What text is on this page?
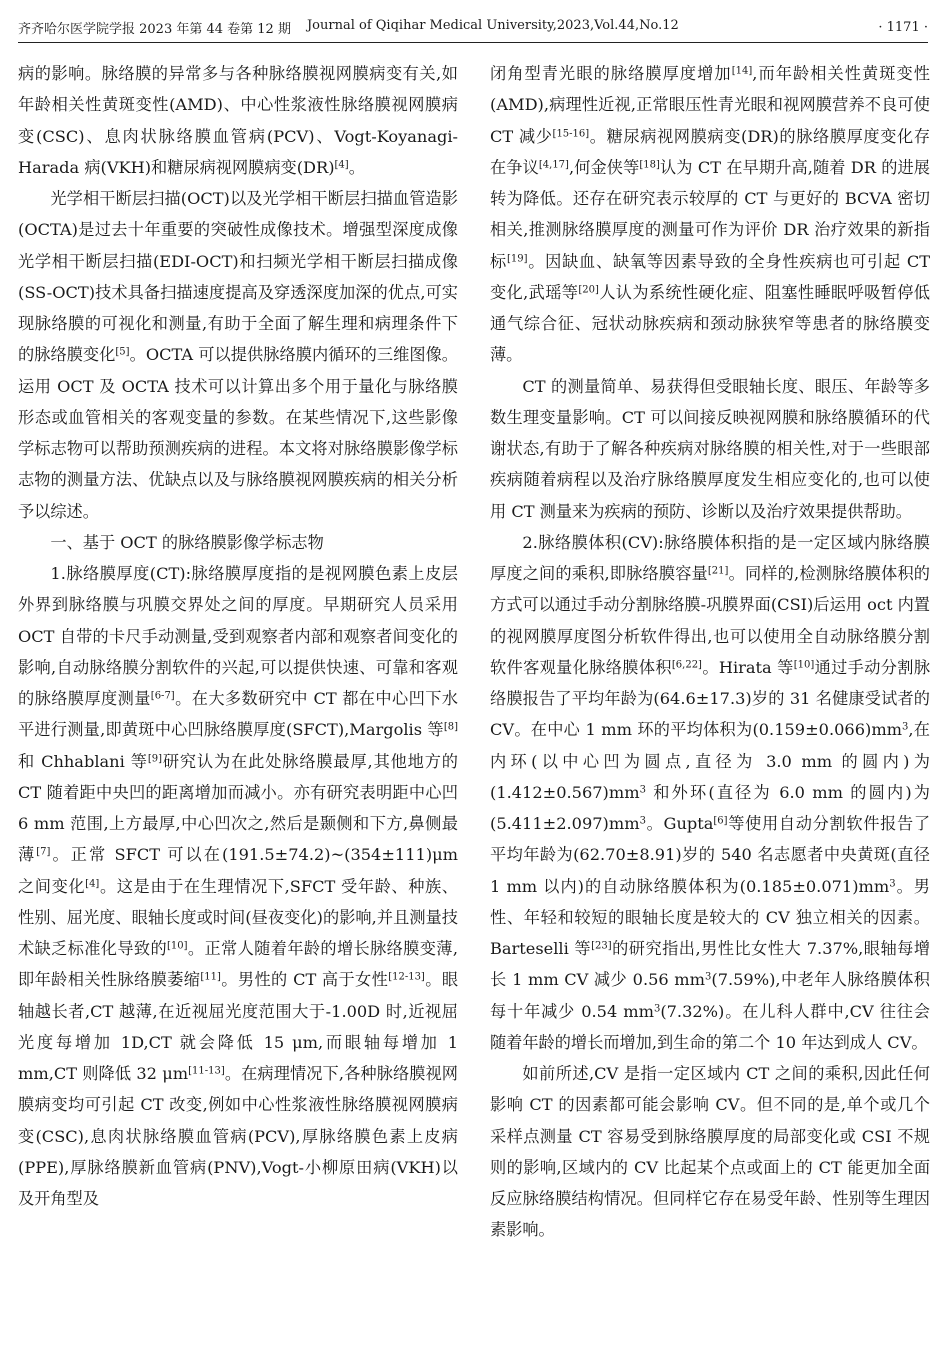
齐齐哈尔医学院学报 2023 年第 44 卷第 12 期 Journal of Qiqihar Medical University,2023,Vol.44,No.12	· 1171 ·

病的影响。脉络膜的异常多与各种脉络膜视网膜病变有关,如年龄相关性黄斑变性(AMD)、中心性浆液性脉络膜视网膜病变(CSC)、息肉状脉络膜血管病(PCV)、Vogt-Koyanagi-Harada 病(VKH)和糖尿病视网膜病变(DR)[4]。

光学相干断层扫描(OCT)以及光学相干断层扫描血管造影(OCTA)是过去十年重要的突破性成像技术。增强型深度成像光学相干断层扫描(EDI-OCT)和扫频光学相干断层扫描成像(SS-OCT)技术具备扫描速度提高及穿透深度加深的优点,可实现脉络膜的可视化和测量,有助于全面了解生理和病理条件下的脉络膜变化[5]。OCTA 可以提供脉络膜内循环的三维图像。运用 OCT 及 OCTA 技术可以计算出多个用于量化与脉络膜形态或血管相关的客观变量的参数。在某些情况下,这些影像学标志物可以帮助预测疾病的进程。本文将对脉络膜影像学标志物的测量方法、优缺点以及与脉络膜视网膜疾病的相关分析予以综述。

一、基于 OCT 的脉络膜影像学标志物

1.脉络膜厚度(CT):脉络膜厚度指的是视网膜色素上皮层外界到脉络膜与巩膜交界处之间的厚度。早期研究人员采用 OCT 自带的卡尺手动测量,受到观察者内部和观察者间变化的影响,自动脉络膜分割软件的兴起,可以提供快速、可靠和客观的脉络膜厚度测量[6-7]。在大多数研究中 CT 都在中心凹下水平进行测量,即黄斑中心凹脉络膜厚度(SFCT),Margolis 等[8]和 Chhablani 等[9]研究认为在此处脉络膜最厚,其他地方的 CT 随着距中央凹的距离增加而减小。亦有研究表明距中心凹 6 mm 范围,上方最厚,中心凹次之,然后是颞侧和下方,鼻侧最薄[7]。正常 SFCT 可以在(191.5±74.2)~(354±111)μm 之间变化[4]。这是由于在生理情况下,SFCT 受年龄、种族、性别、屈光度、眼轴长度或时间(昼夜变化)的影响,并且测量技术缺乏标准化导致的[10]。正常人随着年龄的增长脉络膜变薄,即年龄相关性脉络膜萎缩[11]。男性的 CT 高于女性[12-13]。眼轴越长者,CT 越薄,在近视屈光度范围大于-1.00D 时,近视屈光度每增加 1D,CT 就会降低 15 μm,而眼轴每增加 1 mm,CT 则降低 32 μm[11-13]。在病理情况下,各种脉络膜视网膜病变均可引起 CT 改变,例如中心性浆液性脉络膜视网膜病变(CSC),息肉状脉络膜血管病(PCV),厚脉络膜色素上皮病(PPE),厚脉络膜新血管病(PNV),Vogt-小柳原田病(VKH)以及开角型及

闭角型青光眼的脉络膜厚度增加[14],而年龄相关性黄斑变性(AMD),病理性近视,正常眼压性青光眼和视网膜营养不良可使 CT 减少[15-16]。糖尿病视网膜病变(DR)的脉络膜厚度变化存在争议[4,17],何金侠等[18]认为 CT 在早期升高,随着 DR 的进展转为降低。还存在研究表示较厚的 CT 与更好的 BCVA 密切相关,推测脉络膜厚度的测量可作为评价 DR 治疗效果的新指标[19]。因缺血、缺氧等因素导致的全身性疾病也可引起 CT 变化,武瑶等[20]人认为系统性硬化症、阻塞性睡眠呼吸暂停低通气综合征、冠状动脉疾病和颈动脉狭窄等患者的脉络膜变薄。

CT 的测量简单、易获得但受眼轴长度、眼压、年龄等多数生理变量影响。CT 可以间接反映视网膜和脉络膜循环的代谢状态,有助于了解各种疾病对脉络膜的相关性,对于一些眼部疾病随着病程以及治疗脉络膜厚度发生相应变化的,也可以使用 CT 测量来为疾病的预防、诊断以及治疗效果提供帮助。

2.脉络膜体积(CV):脉络膜体积指的是一定区域内脉络膜厚度之间的乘积,即脉络膜容量[21]。同样的,检测脉络膜体积的方式可以通过手动分割脉络膜-巩膜界面(CSI)后运用 oct 内置的视网膜厚度图分析软件得出,也可以使用全自动脉络膜分割软件客观量化脉络膜体积[6,22]。Hirata 等[10]通过手动分割脉络膜报告了平均年龄为(64.6±17.3)岁的 31 名健康受试者的 CV。在中心 1 mm 环的平均体积为$(0.159\pm 0.066)mm^3$,在内环(以中心凹为圆点,直径为 3.0 mm 的圆内)为$(1.412\pm 0.567)mm^3$ 和外环(直径为 6.0 mm 的圆内)为$(5.411\pm 2.097)mm^3$。Gupta[6]等使用自动分割软件报告了平均年龄为(62.70±8.91)岁的 540 名志愿者中央黄斑(直径1 mm 以内)的自动脉络膜体积为$(0.185\pm 0.071)mm^3$。男性、年轻和较短的眼轴长度是较大的 CV 独立相关的因素。Barteselli 等[23]的研究指出,男性比女性大 7.37%,眼轴每增长 1 mm CV 减少 0.56 $mm^3(7.59\%)$,中老年人脉络膜体积每十年减少 0.54 $mm^3(7.32\%)$。在儿科人群中,CV 往往会随着年龄的增长而增加,到生命的第二个 10 年达到成人 CV。

如前所述,CV 是指一定区域内 CT 之间的乘积,因此任何影响 CT 的因素都可能会影响 CV。但不同的是,单个或几个采样点测量 CT 容易受到脉络膜厚度的局部变化或 CSI 不规则的影响,区域内的 CV 比起某个点或面上的 CT 能更加全面反应脉络膜结构情况。但同样它存在易受年龄、性别等生理因素影响。
